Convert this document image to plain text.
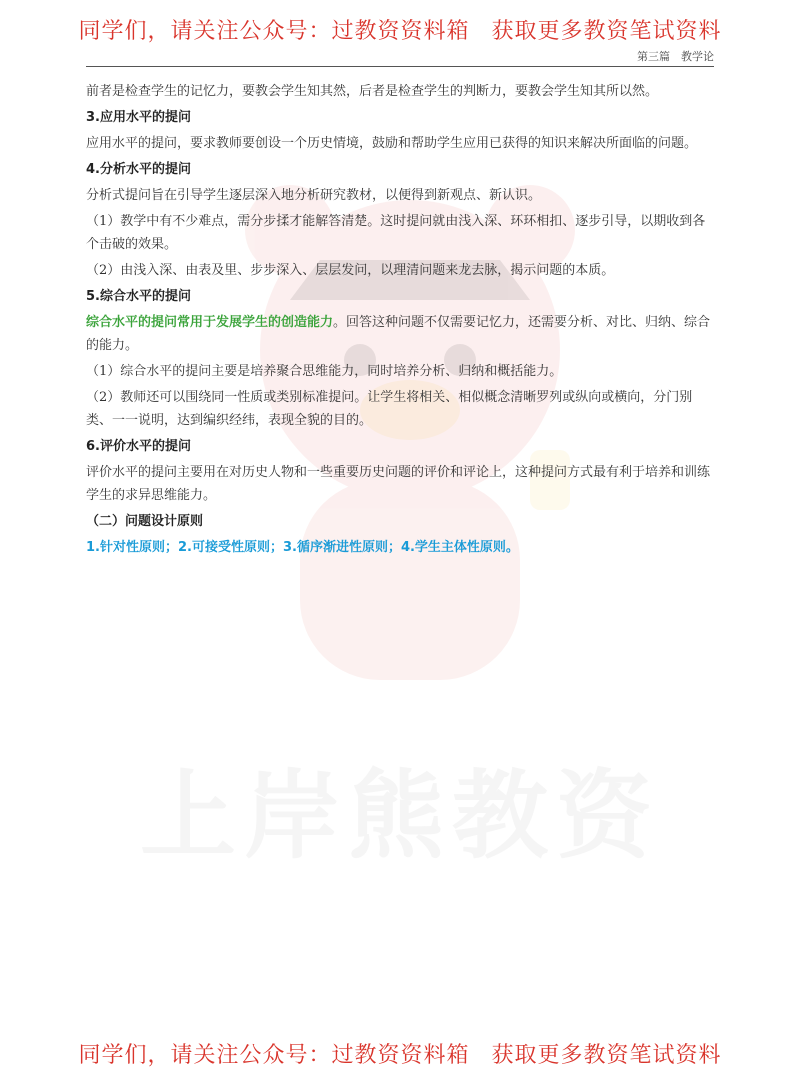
上岸熊教资
同学们，请关注公众号：过教资资料箱 获取更多教资笔试资料
第三篇　教学论

前者是检查学生的记忆力，要教会学生知其然，后者是检查学生的判断力，要教会学生知其所以然。

3.应用水平的提问

应用水平的提问，要求教师要创设一个历史情境，鼓励和帮助学生应用已获得的知识来解决所面临的问题。

4.分析水平的提问

分析式提问旨在引导学生逐层深入地分析研究教材，以便得到新观点、新认识。

（1）教学中有不少难点，需分步揉才能解答清楚。这时提问就由浅入深、环环相扣、逐步引导，以期收到各个击破的效果。

（2）由浅入深、由表及里、步步深入、层层发问，以理清问题来龙去脉，揭示问题的本质。

5.综合水平的提问

综合水平的提问常用于发展学生的创造能力。回答这种问题不仅需要记忆力，还需要分析、对比、归纳、综合的能力。

（1）综合水平的提问主要是培养聚合思维能力，同时培养分析、归纳和概括能力。

（2）教师还可以围绕同一性质或类别标准提问。让学生将相关、相似概念清晰罗列或纵向或横向，分门别类、一一说明，达到编织经纬，表现全貌的目的。

6.评价水平的提问

评价水平的提问主要用在对历史人物和一些重要历史问题的评价和评论上，这种提问方式最有利于培养和训练学生的求异思维能力。

（二）问题设计原则

1.针对性原则；2.可接受性原则；3.循序渐进性原则；4.学生主体性原则。

同学们，请关注公众号：过教资资料箱 获取更多教资笔试资料
